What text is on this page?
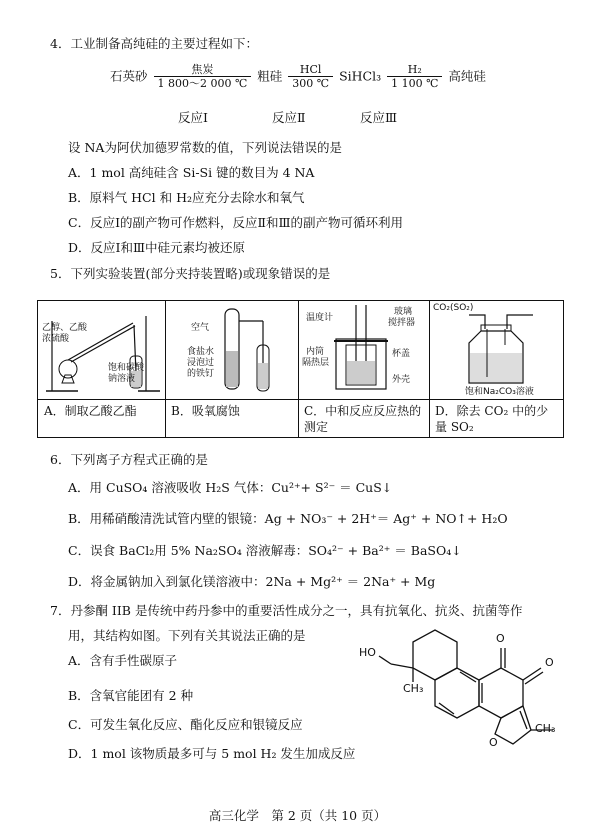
4．工业制备高纯硅的主要过程如下：
石英砂	焦炭
1 800～2 000 ℃ 粗硅	HCl
300 ℃ SiHCl₃ $\frac{\text{H₂}}{1 100 ℃}$ 高纯硅
反应Ⅰ	反应Ⅱ	反应Ⅲ
设 NA为阿伏加德罗常数的值，下列说法错误的是
A．1 mol 高纯硅含 Si-Si 键的数目为 4 NA
B．原料气 HCl 和 H₂应充分去除水和氧气
C．反应Ⅰ的副产物可作燃料，反应Ⅱ和Ⅲ的副产物可循环利用
D．反应Ⅰ和Ⅲ中硅元素均被还原
5．下列实验装置(部分夹持装置略)或现象错误的是
乙醇、乙酸
浓硫酸
饱和碳酸
钠溶液
A．制取乙酸乙酯
空气
食盐水
浸泡过
的铁钉
B．吸氧腐蚀
温度计
玻璃
搅拌器
内筒
隔热层
杯盖
外壳
C．中和反应反应热的测定
CO₂(SO₂)
饱和Na₂CO₃溶液
D．除去 CO₂ 中的少量 SO₂
6．下列离子方程式正确的是
A．用 CuSO₄ 溶液吸收 H₂S 气体：Cu²⁺+ S²⁻ ＝ CuS↓
B．用稀硝酸清洗试管内壁的银镜：Ag + NO₃⁻ + 2H⁺＝ Ag⁺ + NO↑+ H₂O
C．误食 BaCl₂用 5% Na₂SO₄ 溶液解毒：SO₄²⁻ + Ba²⁺ ＝ BaSO₄↓
D．将金属钠加入到氯化镁溶液中：2Na + Mg²⁺ ＝ 2Na⁺ + Mg
7．丹参酮 IIB 是传统中药丹参中的重要活性成分之一，具有抗氧化、抗炎、抗菌等作
用，其结构如图。下列有关其说法正确的是
A．含有手性碳原子
B．含氧官能团有 2 种
C．可发生氧化反应、酯化反应和银镜反应
D．1 mol 该物质最多可与 5 mol H₂ 发生加成反应
HO
CH₃
O
O
CH₃
O
高三化学　第 2 页（共 10 页）
